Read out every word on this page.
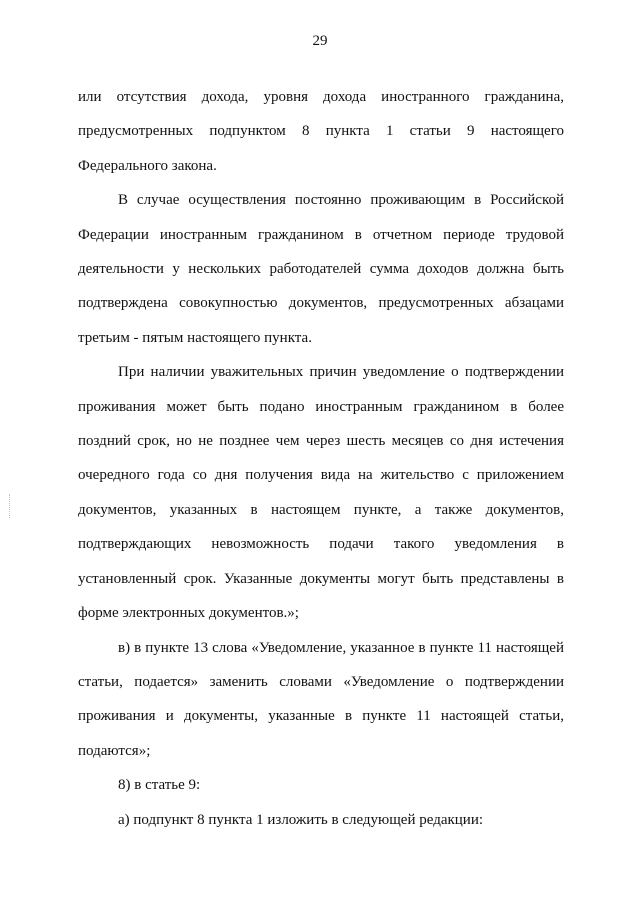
29

или отсутствия дохода, уровня дохода иностранного гражданина, предусмотренных подпунктом 8 пункта 1 статьи 9 настоящего Федерального закона.

В случае осуществления постоянно проживающим в Российской Федерации иностранным гражданином в отчетном периоде трудовой деятельности у нескольких работодателей сумма доходов должна быть подтверждена совокупностью документов, предусмотренных абзацами третьим - пятым настоящего пункта.

При наличии уважительных причин уведомление о подтверждении проживания может быть подано иностранным гражданином в более поздний срок, но не позднее чем через шесть месяцев со дня истечения очередного года со дня получения вида на жительство с приложением документов, указанных в настоящем пункте, а также документов, подтверждающих невозможность подачи такого уведомления в установленный срок. Указанные документы могут быть представлены в форме электронных документов.»;

в) в пункте 13 слова «Уведомление, указанное в пункте 11 настоящей статьи, подается» заменить словами «Уведомление о подтверждении проживания и документы, указанные в пункте 11 настоящей статьи, подаются»;

8) в статье 9:

а) подпункт 8 пункта 1 изложить в следующей редакции:
